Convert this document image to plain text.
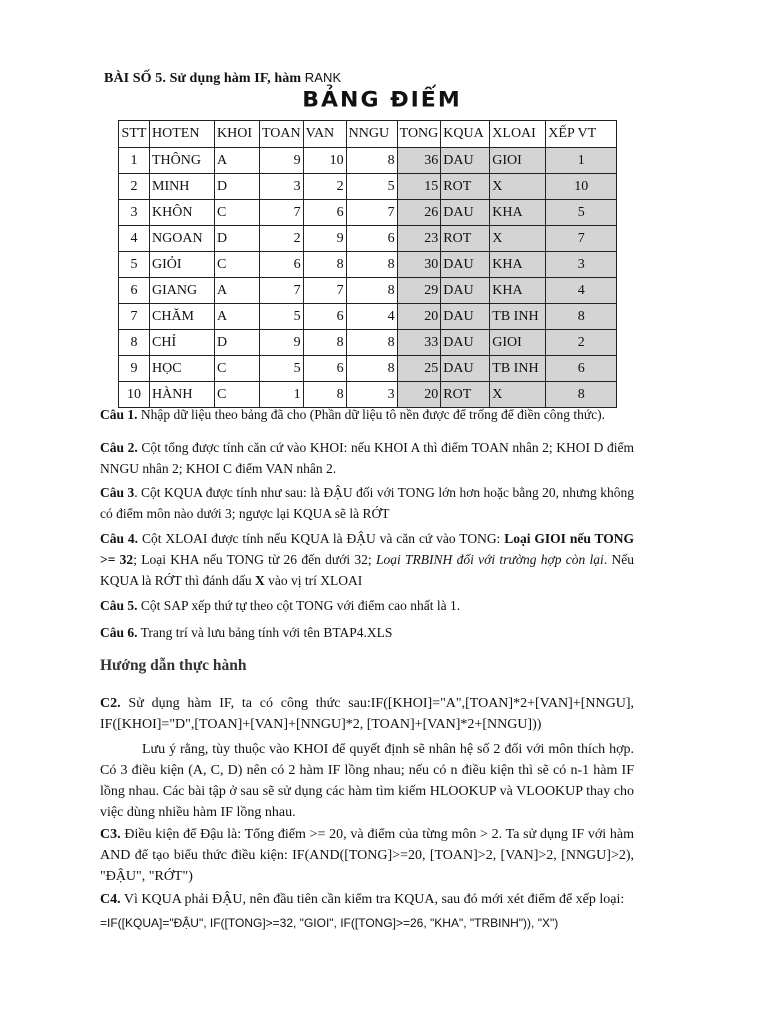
BÀI SỐ 5. Sử dụng hàm IF, hàm RANK
BẢNG ĐIỂM
STT	HOTEN	KHOI	TOAN	VAN	NNGU	TONG	KQUA	XLOAI	XẾP VT
1	THÔNG	A	9	10	8	36	DAU	GIOI	1
2	MINH	D	3	2	5	15	ROT	X	10
3	KHÔN	C	7	6	7	26	DAU	KHA	5
4	NGOAN	D	2	9	6	23	ROT	X	7
5	GIỎI	C	6	8	8	30	DAU	KHA	3
6	GIANG	A	7	7	8	29	DAU	KHA	4
7	CHĂM	A	5	6	4	20	DAU	TB INH	8
8	CHỈ	D	9	8	8	33	DAU	GIOI	2
9	HỌC	C	5	6	8	25	DAU	TB INH	6
10	HÀNH	C	1	8	3	20	ROT	X	8

Câu 1. Nhập dữ liệu theo bảng đã cho (Phần dữ liệu tô nền được để trống để điền công thức).

Câu 2. Cột tổng được tính căn cứ vào KHOI: nếu KHOI A thì điểm TOAN nhân 2; KHOI D điểm NNGU nhân 2; KHOI C điểm VAN nhân 2.

Câu 3. Cột KQUA được tính như sau: là ĐẬU đối với TONG lớn hơn hoặc bằng 20, nhưng không có điểm môn nào dưới 3; ngược lại KQUA sẽ là RỚT

Câu 4. Cột XLOAI được tính nếu KQUA là ĐẬU và căn cứ vào TONG: Loại GIOI nếu TONG >= 32; Loại KHA nếu TONG từ 26 đến dưới 32; Loại TRBINH đối với trường hợp còn lại. Nếu KQUA là RỚT thì đánh dấu X vào vị trí XLOAI

Câu 5. Cột SAP xếp thứ tự theo cột TONG với điểm cao nhất là 1.

Câu 6. Trang trí và lưu bảng tính với tên BTAP4.XLS

Hướng dẫn thực hành

C2. Sử dụng hàm IF, ta có công thức sau:IF([KHOI]="A",[TOAN]*2+[VAN]+[NNGU], IF([KHOI]="D",[TOAN]+[VAN]+[NNGU]*2, [TOAN]+[VAN]*2+[NNGU]))

Lưu ý rằng, tùy thuộc vào KHOI để quyết định sẽ nhân hệ số 2 đối với môn thích hợp. Có 3 điều kiện (A, C, D) nên có 2 hàm IF lồng nhau; nếu có n điều kiện thì sẽ có n-1 hàm IF lồng nhau. Các bài tập ở sau sẽ sử dụng các hàm tìm kiếm HLOOKUP và VLOOKUP thay cho việc dùng nhiều hàm IF lồng nhau.

C3. Điều kiện để Đậu là: Tổng điểm >= 20, và điểm của từng môn > 2. Ta sử dụng IF với hàm AND để tạo biểu thức điều kiện: IF(AND([TONG]>=20, [TOAN]>2, [VAN]>2, [NNGU]>2), "ĐẬU", "RỚT")

C4. Vì KQUA phải ĐẬU, nên đầu tiên cần kiểm tra KQUA, sau đó mới xét điểm để xếp loại:

=IF([KQUA]="ĐẬU", IF([TONG]>=32, "GIOI", IF([TONG]>=26, "KHA", "TRBINH")), "X")
